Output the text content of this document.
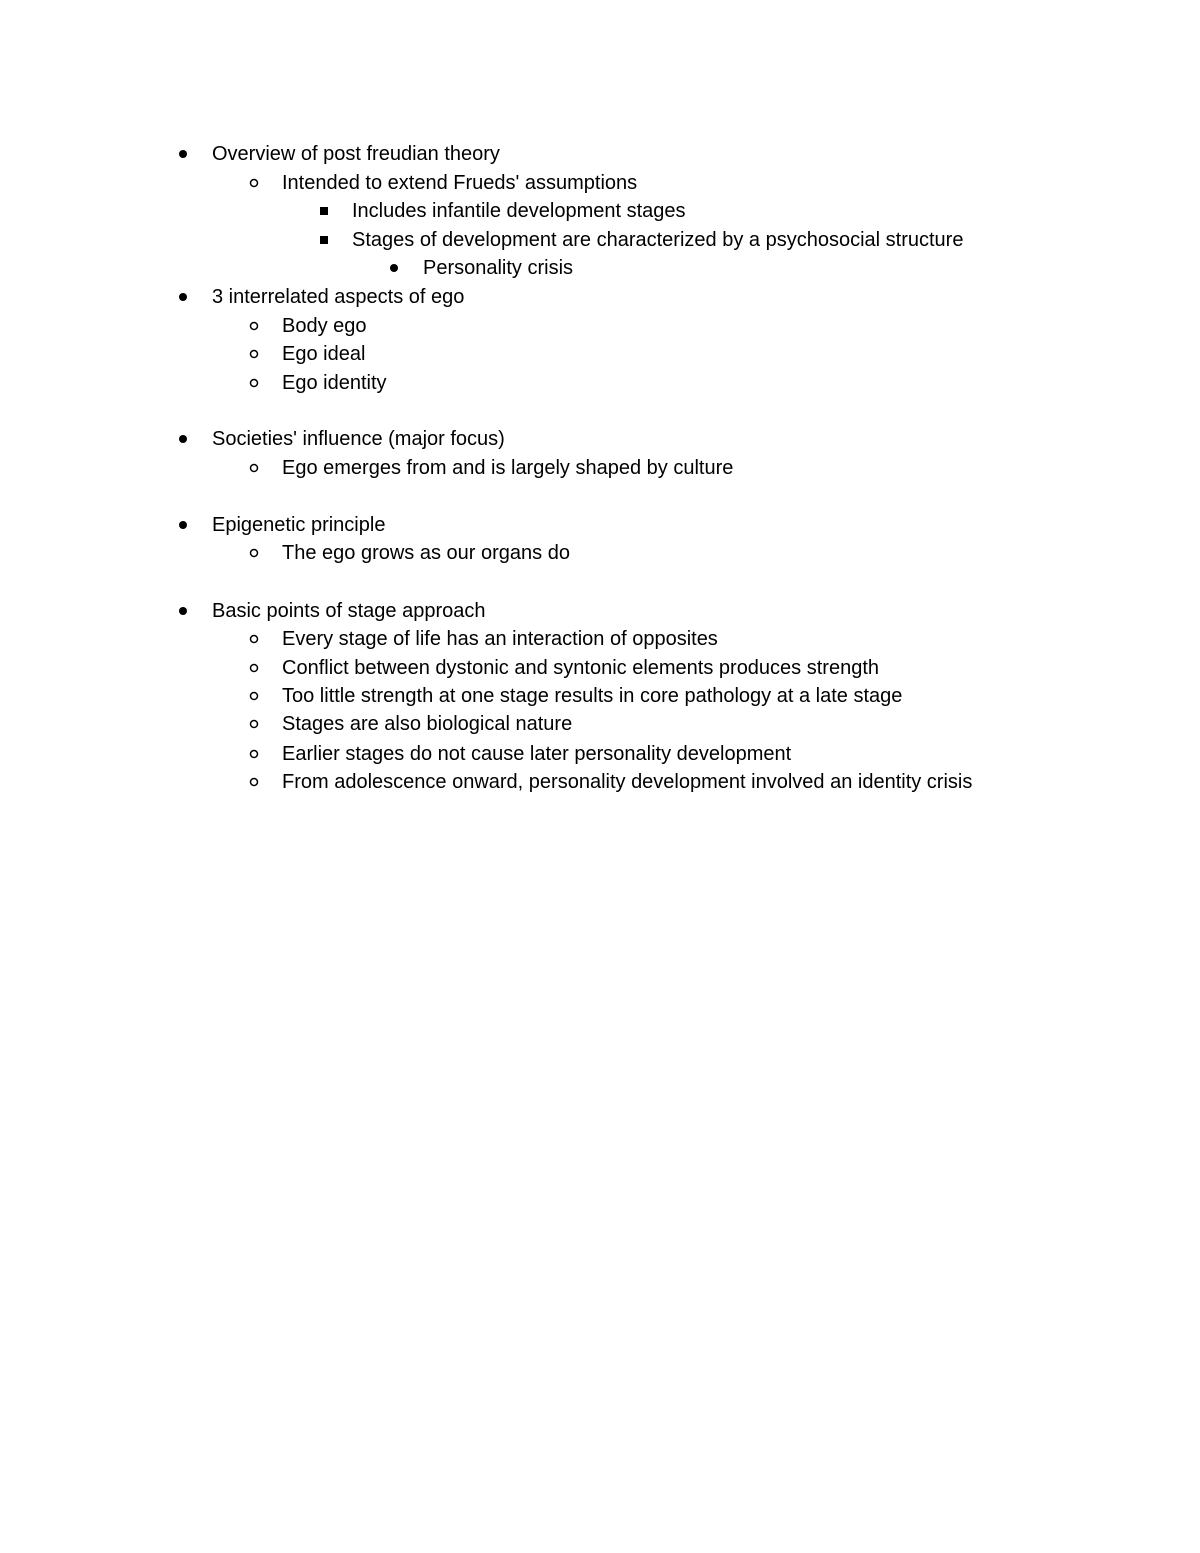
Overview of post freudian theory
Intended to extend Frueds' assumptions
Includes infantile development stages
Stages of development are characterized by a psychosocial structure
Personality crisis
3 interrelated aspects of ego
Body ego
Ego ideal
Ego identity
Societies' influence (major focus)
Ego emerges from and is largely shaped by culture
Epigenetic principle
The ego grows as our organs do
Basic points of stage approach
Every stage of life has an interaction of opposites
Conflict between dystonic and syntonic elements produces strength
Too little strength at one stage results in core pathology at a late stage
Stages are also biological nature
Earlier stages do not cause later personality development
From adolescence onward, personality development involved an identity crisis
